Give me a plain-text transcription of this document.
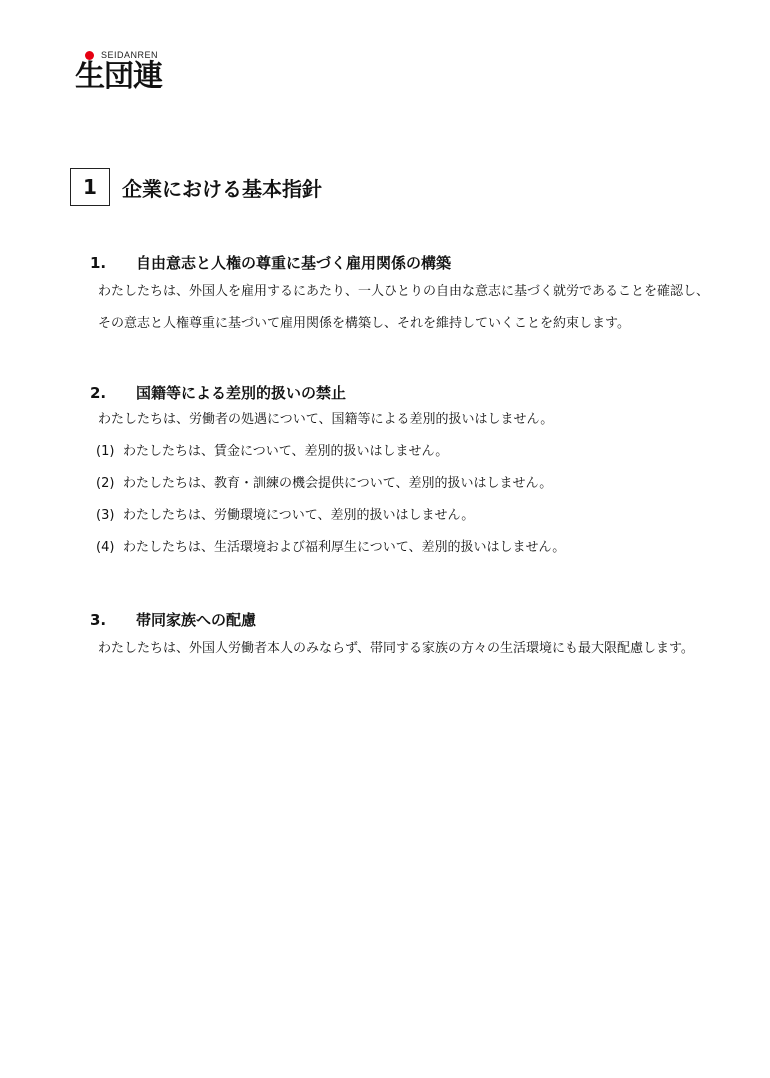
SEIDANREN
生団連
1	企業における基本指針
1.	自由意志と人権の尊重に基づく雇用関係の構築
わたしたちは、外国人を雇用するにあたり、一人ひとりの自由な意志に基づく就労であることを確認し、その意志と人権尊重に基づいて雇用関係を構築し、それを維持していくことを約束します。
2.	国籍等による差別的扱いの禁止
わたしたちは、労働者の処遇について、国籍等による差別的扱いはしません。
(1) わたしたちは、賃金について、差別的扱いはしません。
(2) わたしたちは、教育・訓練の機会提供について、差別的扱いはしません。
(3) わたしたちは、労働環境について、差別的扱いはしません。
(4) わたしたちは、生活環境および福利厚生について、差別的扱いはしません。
3.	帯同家族への配慮
わたしたちは、外国人労働者本人のみならず、帯同する家族の方々の生活環境にも最大限配慮します。
